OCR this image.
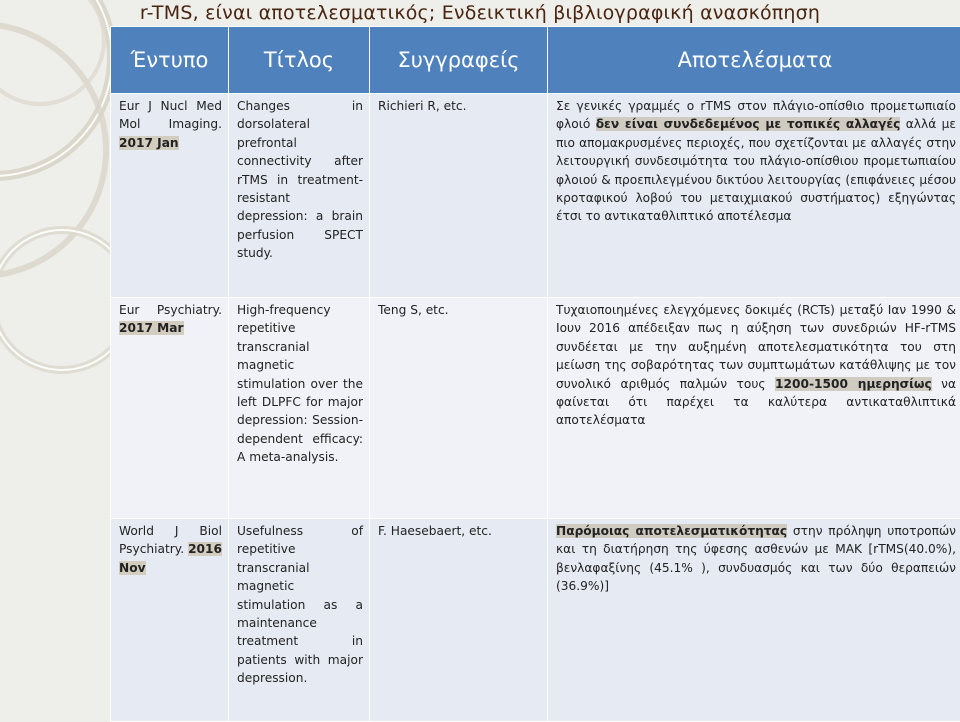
r-TMS, είναι αποτελεσματικός; Ενδεικτική βιβλιογραφική ανασκόπηση
Έντυπο	Τίτλος	Συγγραφείς	Αποτελέσματα
Eur J Nucl Med Mol Imaging. 2017 Jan	Changes in dorsolateral prefrontal connectivity after rTMS in treatment-resistant depression: a brain perfusion SPECT study.	Richieri R, etc.	Σε γενικές γραμμές ο rTMS στον πλάγιο-οπίσθιο προμετωπιαίο φλοιό δεν είναι συνδεδεμένος με τοπικές αλλαγές αλλά με πιο απομακρυσμένες περιοχές, που σχετίζονται με αλλαγές στην λειτουργική συνδεσιμότητα του πλάγιο-οπίσθιου προμετωπιαίου φλοιού & προεπιλεγμένου δικτύου λειτουργίας (επιφάνειες μέσου κροταφικού λοβού του μεταιχμιακού συστήματος) εξηγώντας έτσι το αντικαταθλιπτικό αποτέλεσμα
Eur Psychiatry. 2017 Mar	High-frequency repetitive transcranial magnetic stimulation over the left DLPFC for major depression: Session-dependent efficacy: A meta-analysis.	Teng S, etc.	Τυχαιοποιημένες ελεγχόμενες δοκιμές (RCTs) μεταξύ Ιαν 1990 & Ιουν 2016 απέδειξαν πως η αύξηση των συνεδριών HF-rTMS συνδέεται με την αυξημένη αποτελεσματικότητα του στη μείωση της σοβαρότητας των συμπτωμάτων κατάθλιψης με τον συνολικό αριθμός παλμών τους 1200-1500 ημερησίως να φαίνεται ότι παρέχει τα καλύτερα αντικαταθλιπτικά αποτελέσματα
World J Biol Psychiatry. 2016 Nov	Usefulness of repetitive transcranial magnetic stimulation as a maintenance treatment in patients with major depression.	F. Haesebaert, etc.	Παρόμοιας αποτελεσματικότητας στην πρόληψη υποτροπών και τη διατήρηση της ύφεσης ασθενών με ΜΑΚ [rTMS(40.0%), βενλαφαξίνης (45.1% ), συνδυασμός και των δύο θεραπειών (36.9%)]
